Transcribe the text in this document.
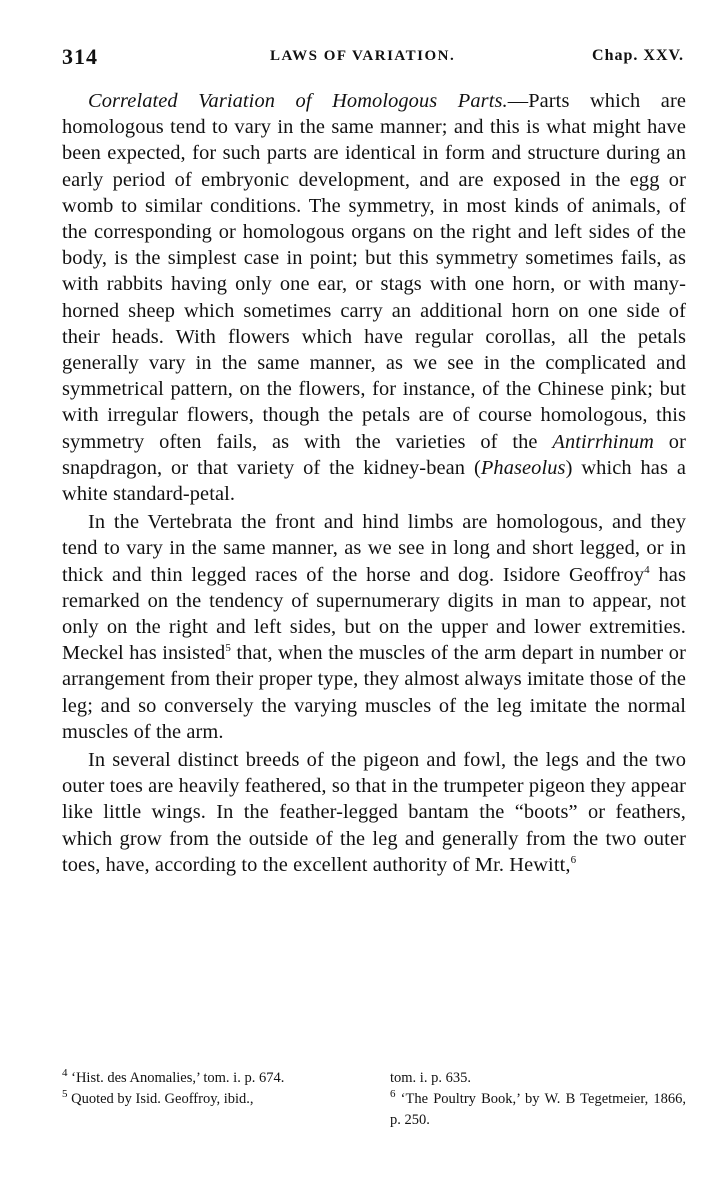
314	LAWS OF VARIATION.	Chap. XXV.

Correlated Variation of Homologous Parts.—Parts which are homologous tend to vary in the same manner; and this is what might have been expected, for such parts are identical in form and structure during an early period of embryonic development, and are exposed in the egg or womb to similar conditions. The symmetry, in most kinds of animals, of the corresponding or homologous organs on the right and left sides of the body, is the simplest case in point; but this symmetry sometimes fails, as with rabbits having only one ear, or stags with one horn, or with many-horned sheep which sometimes carry an additional horn on one side of their heads. With flowers which have regular corollas, all the petals generally vary in the same manner, as we see in the complicated and symmetrical pattern, on the flowers, for instance, of the Chinese pink; but with irregular flowers, though the petals are of course homologous, this symmetry often fails, as with the varieties of the Antirrhinum or snapdragon, or that variety of the kidney-bean (Phaseolus) which has a white standard-petal.

In the Vertebrata the front and hind limbs are homologous, and they tend to vary in the same manner, as we see in long and short legged, or in thick and thin legged races of the horse and dog. Isidore Geoffroy$^4$ has remarked on the tendency of supernumerary digits in man to appear, not only on the right and left sides, but on the upper and lower extremities. Meckel has insisted$^5$ that, when the muscles of the arm depart in number or arrangement from their proper type, they almost always imitate those of the leg; and so conversely the varying muscles of the leg imitate the normal muscles of the arm.

In several distinct breeds of the pigeon and fowl, the legs and the two outer toes are heavily feathered, so that in the trumpeter pigeon they appear like little wings. In the feather-legged bantam the “boots” or feathers, which grow from the outside of the leg and generally from the two outer toes, have, according to the excellent authority of Mr. Hewitt,$^6$

$^4$ ‘Hist. des Anomalies,’ tom. i. p. 674.

$^5$ Quoted by Isid. Geoffroy, ibid.,

tom. i. p. 635.

$^6$ ‘The Poultry Book,’ by W. B Tegetmeier, 1866, p. 250.
